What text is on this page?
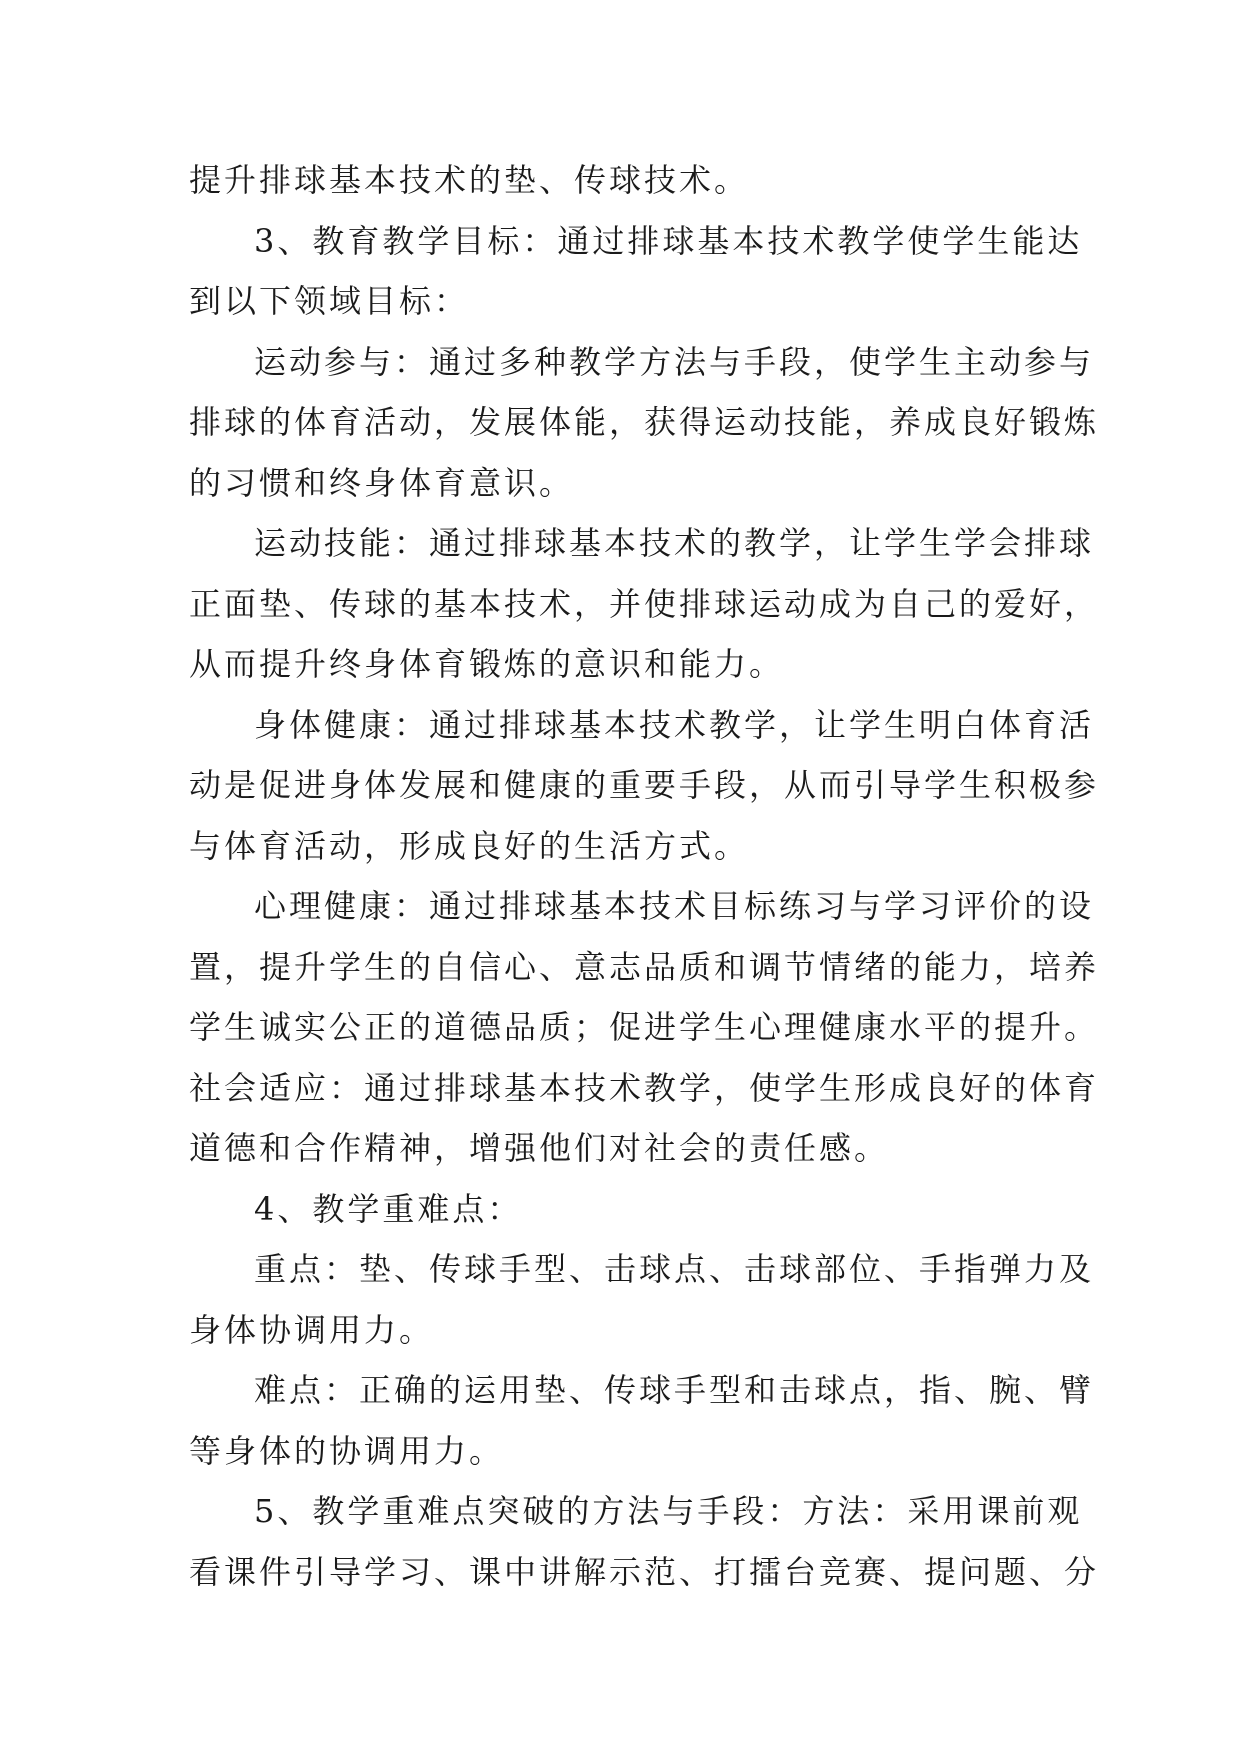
提升排球基本技术的垫、传球技术。

3、教育教学目标：通过排球基本技术教学使学生能达

到以下领域目标：

运动参与：通过多种教学方法与手段，使学生主动参与

排球的体育活动，发展体能，获得运动技能，养成良好锻炼

的习惯和终身体育意识。

运动技能：通过排球基本技术的教学，让学生学会排球

正面垫、传球的基本技术，并使排球运动成为自己的爱好，

从而提升终身体育锻炼的意识和能力。

身体健康：通过排球基本技术教学，让学生明白体育活

动是促进身体发展和健康的重要手段，从而引导学生积极参

与体育活动，形成良好的生活方式。

心理健康：通过排球基本技术目标练习与学习评价的设

置，提升学生的自信心、意志品质和调节情绪的能力，培养

学生诚实公正的道德品质；促进学生心理健康水平的提升。

社会适应：通过排球基本技术教学，使学生形成良好的体育

道德和合作精神，增强他们对社会的责任感。

4、教学重难点：

重点：垫、传球手型、击球点、击球部位、手指弹力及

身体协调用力。

难点：正确的运用垫、传球手型和击球点，指、腕、臂

等身体的协调用力。

5、教学重难点突破的方法与手段：方法：采用课前观

看课件引导学习、课中讲解示范、打擂台竞赛、提问题、分
